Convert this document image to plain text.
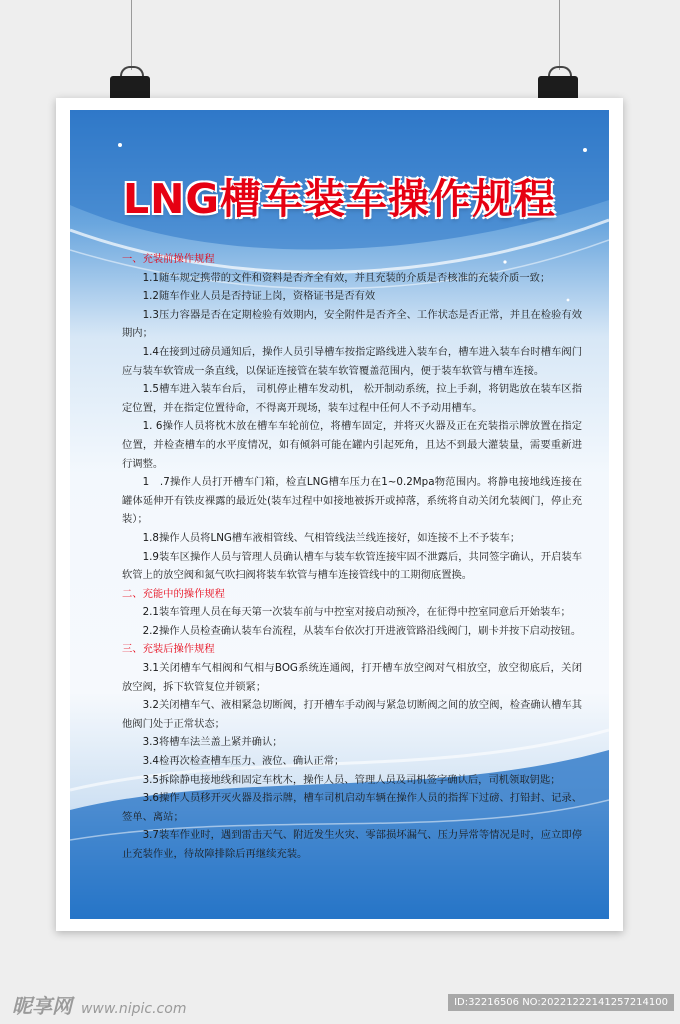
LNG槽车装车操作规程

一、充装前操作规程

1.1随车规定携带的文件和资料是否齐全有效，并且充装的介质是否核准的充装介质一致；

1.2随车作业人员是否持证上岗，资格证书是否有效

1.3压力容器是否在定期检验有效期内，安全附件是否齐全、工作状态是否正常，并且在检验有效期内；

1.4在接到过磅员通知后，操作人员引导槽车按指定路线进入装车台，槽车进入装车台时槽车阀门应与装车软管成一条直线，以保证连接管在装车软管覆盖范围内，便于装车软管与槽车连接。

1.5槽车进入装车台后， 司机停止槽车发动机， 松开制动系统，拉上手刹，将钥匙放在装车区指定位置，并在指定位置待命，不得离开现场，装车过程中任何人不予动用槽车。

1. 6操作人员将枕木放在槽车车轮前位，将槽车固定，并将灭火器及正在充装指示牌放置在指定位置，并检查槽车的水平度情况，如有倾斜可能在罐内引起死角，且达不到最大灌装量，需要重新进行调整。

1　.7操作人员打开槽车门箱，检直LNG槽车压力在1~0.2Mpa物范围内。将静电接地线连接在罐体延伸开有铁皮裸露的最近处(装车过程中如接地被拆开或掉落，系统将自动关闭允装阀门，停止充装）；

1.8操作人员将LNG槽车液相管线、气相管线法兰线连接好，如连接不上不予装车；

1.9装车区操作人员与管理人员确认槽车与装车软管连接牢固不泄露后，共同签字确认，开启装车软管上的放空阀和氮气吹扫阀将装车软管与槽车连接管线中的工期彻底置换。

二、充能中的操作规程

2.1装车管理人员在每天第一次装车前与中控室对接启动预冷，在征得中控室同意后开始装车；

2.2操作人员检查确认装车台流程，从装车台依次打开进液管路沿线阀门，刷卡并按下启动按钮。

三、充装后操作规程

3.1关闭槽车气相阀和气相与BOG系统连通阀，打开槽车放空阀对气相放空，放空彻底后，关闭放空阀，拆下软管复位并锁紧；

3.2关闭槽车气、液相紧急切断阀，打开槽车手动阀与紧急切断阀之间的放空阀，检查确认槽车其他阀门处于正常状态；

3.3将槽车法兰盖上紧并确认；

3.4检再次检查槽车压力、液位、确认正常；

3.5拆除静电接地线和固定车枕木，操作人员、管理人员及司机签字确认后，司机领取钥匙；

3.6操作人员移开灭火器及指示牌，槽车司机启动车辆在操作人员的指挥下过磅、打铅封、记录、签单、离站；

3.7装车作业时，遇到雷击天气、附近发生火灾、零部损坏漏气、压力异常等情况是时，应立即停止充装作业，待故障排除后再继续充装。

昵享网 www.nipic.com	ID:32216506 NO:20221222141257214100
